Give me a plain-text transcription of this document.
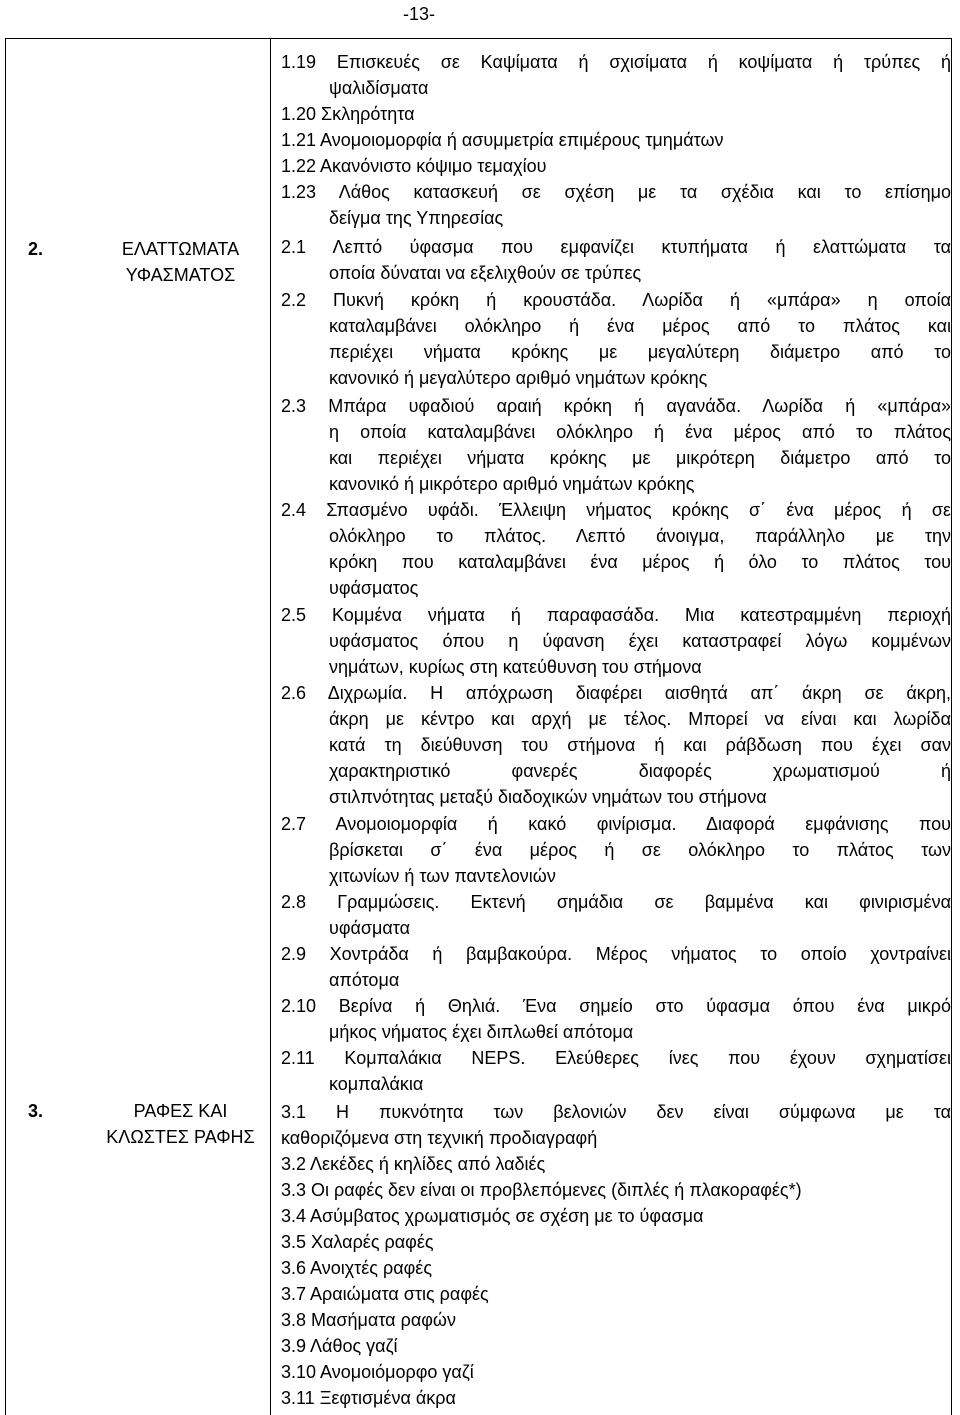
-13-
2.	ΕΛΑΤΤΩΜΑΤΑ
ΥΦΑΣΜΑΤΟΣ
3.	ΡΑΦΕΣ ΚΑΙ
ΚΛΩΣΤΕΣ ΡΑΦΗΣ
1.19 Επισκευές σε Καψίματα ή σχισίματα ή κοψίματα ή τρύπες ή
ψαλιδίσματα
1.20 Σκληρότητα
1.21 Ανομοιομορφία ή ασυμμετρία επιμέρους τμημάτων
1.22 Ακανόνιστο κόψιμο τεμαχίου
1.23 Λάθος κατασκευή σε σχέση με τα σχέδια και το επίσημο
δείγμα της Υπηρεσίας
2.1 Λεπτό ύφασμα που εμφανίζει κτυπήματα ή ελαττώματα τα
οποία δύναται να εξελιχθούν σε τρύπες
2.2 Πυκνή κρόκη ή κρουστάδα. Λωρίδα ή «μπάρα» η οποία
καταλαμβάνει ολόκληρο ή ένα μέρος από το πλάτος και
περιέχει νήματα κρόκης με μεγαλύτερη διάμετρο από το
κανονικό ή μεγαλύτερο αριθμό νημάτων κρόκης
2.3 Μπάρα υφαδιού αραιή κρόκη ή αγανάδα. Λωρίδα ή «μπάρα»
η οποία καταλαμβάνει ολόκληρο ή ένα μέρος από το πλάτος
και περιέχει νήματα κρόκης με μικρότερη διάμετρο από το
κανονικό ή μικρότερο αριθμό νημάτων κρόκης
2.4 Σπασμένο υφάδι. Έλλειψη νήματος κρόκης σ΄ ένα μέρος ή σε
ολόκληρο το πλάτος. Λεπτό άνοιγμα, παράλληλο με την
κρόκη που καταλαμβάνει ένα μέρος ή όλο το πλάτος του
υφάσματος
2.5 Κομμένα νήματα ή παραφασάδα. Μια κατεστραμμένη περιοχή
υφάσματος όπου η ύφανση έχει καταστραφεί λόγω κομμένων
νημάτων, κυρίως στη κατεύθυνση του στήμονα
2.6 Διχρωμία. Η απόχρωση διαφέρει αισθητά απ΄ άκρη σε άκρη,
άκρη με κέντρο και αρχή με τέλος. Μπορεί να είναι και λωρίδα
κατά τη διεύθυνση του στήμονα ή και ράβδωση που έχει σαν
χαρακτηριστικό φανερές διαφορές χρωματισμού ή
στιλπνότητας μεταξύ διαδοχικών νημάτων του στήμονα
2.7 Ανομοιομορφία ή κακό φινίρισμα. Διαφορά εμφάνισης που
βρίσκεται σ΄ ένα μέρος ή σε ολόκληρο το πλάτος των
χιτωνίων ή των παντελονιών
2.8 Γραμμώσεις. Εκτενή σημάδια σε βαμμένα και φινιρισμένα
υφάσματα
2.9 Χοντράδα ή βαμβακούρα. Μέρος νήματος το οποίο χοντραίνει
απότομα
2.10 Βερίνα ή Θηλιά. Ένα σημείο στο ύφασμα όπου ένα μικρό
μήκος νήματος έχει διπλωθεί απότομα
2.11 Κομπαλάκια NEPS. Ελεύθερες ίνες που έχουν σχηματίσει
κομπαλάκια
3.1 Η πυκνότητα των βελονιών δεν είναι σύμφωνα με τα
καθοριζόμενα στη τεχνική προδιαγραφή
3.2 Λεκέδες ή κηλίδες από λαδιές
3.3 Οι ραφές δεν είναι οι προβλεπόμενες (διπλές ή πλακοραφές*)
3.4 Ασύμβατος χρωματισμός σε σχέση με το ύφασμα
3.5 Χαλαρές ραφές
3.6 Ανοιχτές ραφές
3.7 Αραιώματα στις ραφές
3.8 Μασήματα ραφών
3.9 Λάθος γαζί
3.10 Ανομοιόμορφο γαζί
3.11 Ξεφτισμένα άκρα
